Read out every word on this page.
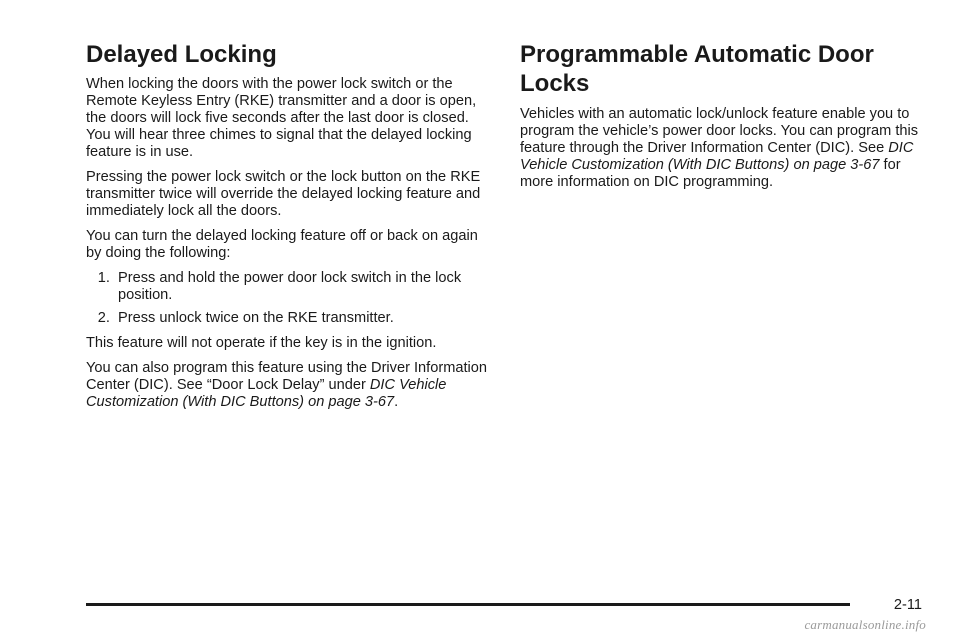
Delayed Locking

When locking the doors with the power lock switch or the Remote Keyless Entry (RKE) transmitter and a door is open, the doors will lock five seconds after the last door is closed. You will hear three chimes to signal that the delayed locking feature is in use.

Pressing the power lock switch or the lock button on the RKE transmitter twice will override the delayed locking feature and immediately lock all the doors.

You can turn the delayed locking feature off or back on again by doing the following:

1. Press and hold the power door lock switch in the lock position.
2. Press unlock twice on the RKE transmitter.

This feature will not operate if the key is in the ignition.

You can also program this feature using the Driver Information Center (DIC). See “Door Lock Delay” under DIC Vehicle Customization (With DIC Buttons) on page 3-67.

Programmable Automatic Door Locks

Vehicles with an automatic lock/unlock feature enable you to program the vehicle’s power door locks. You can program this feature through the Driver Information Center (DIC). See DIC Vehicle Customization (With DIC Buttons) on page 3-67 for more information on DIC programming.

2-11
carmanualsonline.info
